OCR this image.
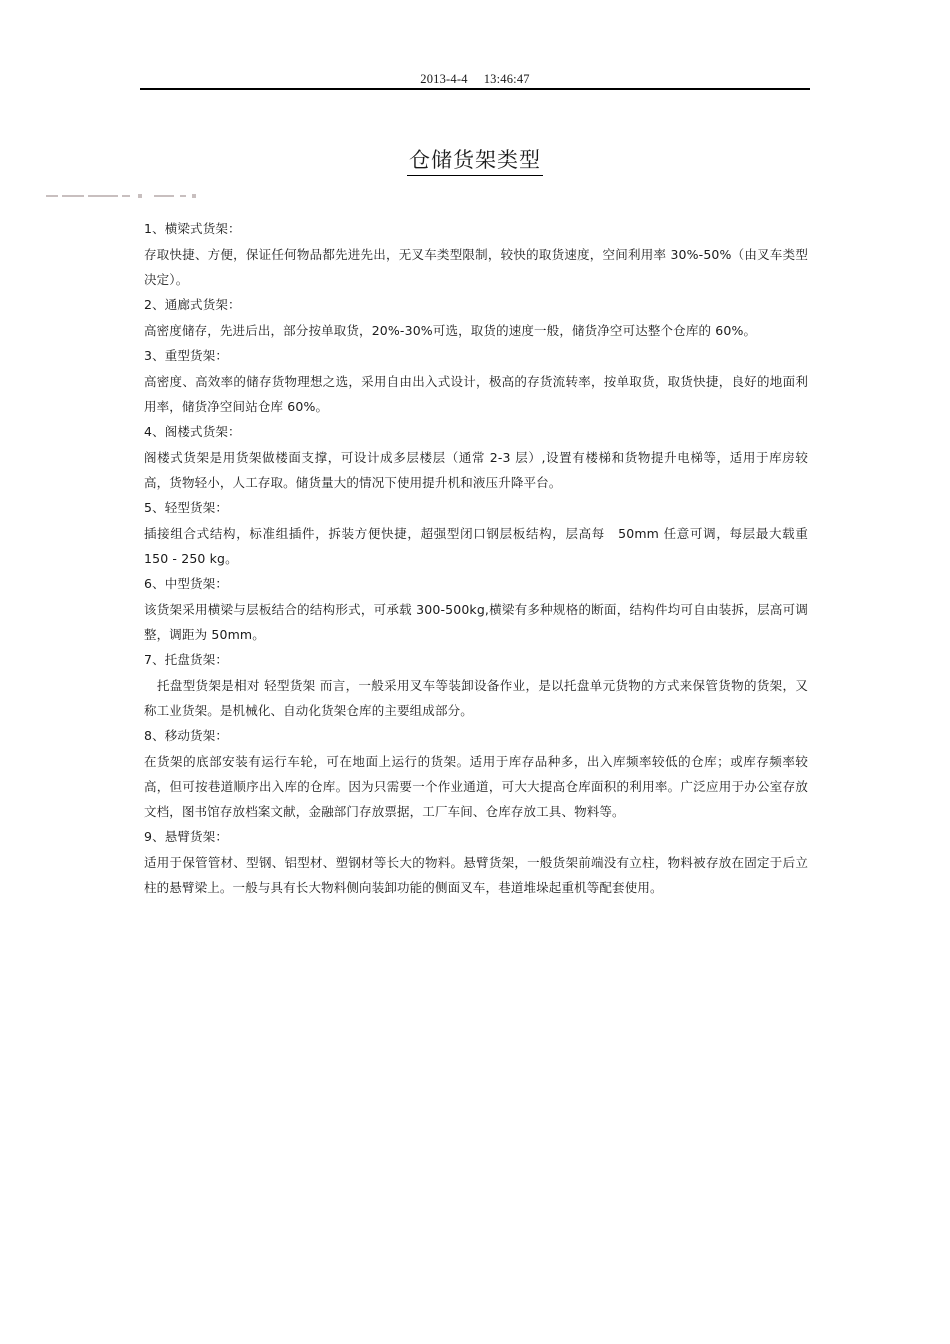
2013-4-4　 13:46:47
仓储货架类型
1、横梁式货架：

存取快捷、方便，保证任何物品都先进先出，无叉车类型限制，较快的取货速度，空间利用率 30%-50%（由叉车类型决定）。

2、通廊式货架：

高密度储存，先进后出，部分按单取货，20%-30%可选，取货的速度一般，储货净空可达整个仓库的 60%。

3、重型货架：

高密度、高效率的储存货物理想之选，采用自由出入式设计，极高的存货流转率，按单取货，取货快捷，良好的地面利用率，储货净空间站仓库 60%。

4、阁楼式货架：

阁楼式货架是用货架做楼面支撑，可设计成多层楼层（通常 2-3 层）,设置有楼梯和货物提升电梯等，适用于库房较高，货物轻小，人工存取。储货量大的情况下使用提升机和液压升降平台。

5、轻型货架：

插接组合式结构，标准组插件，拆装方便快捷，超强型闭口钢层板结构，层高每　50mm 任意可调，每层最大载重 150 - 250 kg。

6、中型货架：

该货架采用横梁与层板结合的结构形式，可承载 300-500kg,横梁有多种规格的断面，结构件均可自由装拆，层高可调整，调距为 50mm。

7、托盘货架：

托盘型货架是相对 轻型货架 而言，一般采用叉车等装卸设备作业，是以托盘单元货物的方式来保管货物的货架，又称工业货架。是机械化、自动化货架仓库的主要组成部分。

8、移动货架：

在货架的底部安装有运行车轮，可在地面上运行的货架。适用于库存品种多，出入库频率较低的仓库；或库存频率较高，但可按巷道顺序出入库的仓库。因为只需要一个作业通道，可大大提高仓库面积的利用率。广泛应用于办公室存放文档，图书馆存放档案文献，金融部门存放票据，工厂车间、仓库存放工具、物料等。

9、悬臂货架：

适用于保管管材、型钢、铝型材、塑钢材等长大的物料。悬臂货架，一般货架前端没有立柱，物料被存放在固定于后立柱的悬臂梁上。一般与具有长大物料侧向装卸功能的侧面叉车，巷道堆垛起重机等配套使用。
